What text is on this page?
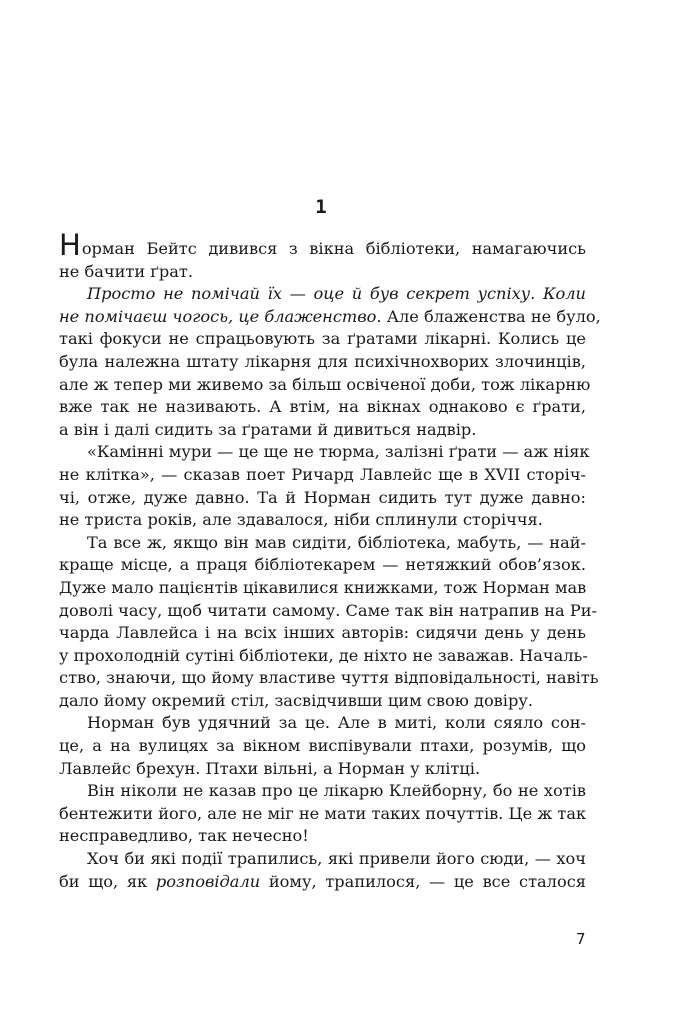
1
Норман Бейтс дивився з вікна бібліотеки, намагаючись
не бачити ґрат.
Просто не помічай їх — оце й був секрет успіху. Коли
не помічаєш чогось, це блаженство. Але блаженства не було,
такі фокуси не спрацьовують за ґратами лікарні. Колись це
була належна штату лікарня для психічнохворих злочинців,
але ж тепер ми живемо за більш освіченої доби, тож лікарню
вже так не називають. А втім, на вікнах однаково є ґрати,
а він і далі сидить за ґратами й дивиться надвір.
«Камінні мури — це ще не тюрма, залізні ґрати — аж ніяк
не клітка», — сказав поет Ричард Лавлейс ще в XVII сторіч-
чі, отже, дуже давно. Та й Норман сидить тут дуже давно:
не триста років, але здавалося, ніби сплинули сторіччя.
Та все ж, якщо він мав сидіти, бібліотека, мабуть, — най-
краще місце, а праця бібліотекарем — нетяжкий обов’язок.
Дуже мало пацієнтів цікавилися книжками, тож Норман мав
доволі часу, щоб читати самому. Саме так він натрапив на Ри-
чарда Лавлейса і на всіх інших авторів: сидячи день у день
у прохолодній сутіні бібліотеки, де ніхто не заважав. Началь-
ство, знаючи, що йому властиве чуття відповідальності, навіть
дало йому окремий стіл, засвідчивши цим свою довіру.
Норман був удячний за це. Але в миті, коли сяяло сон-
це, а на вулицях за вікном виспівували птахи, розумів, що
Лавлейс брехун. Птахи вільні, а Норман у клітці.
Він ніколи не казав про це лікарю Клейборну, бо не хотів
бентежити його, але не міг не мати таких почуттів. Це ж так
несправедливо, так нечесно!
Хоч би які події трапились, які привели його сюди, — хоч
би що, як розповідали йому, трапилося, — це все сталося
7
